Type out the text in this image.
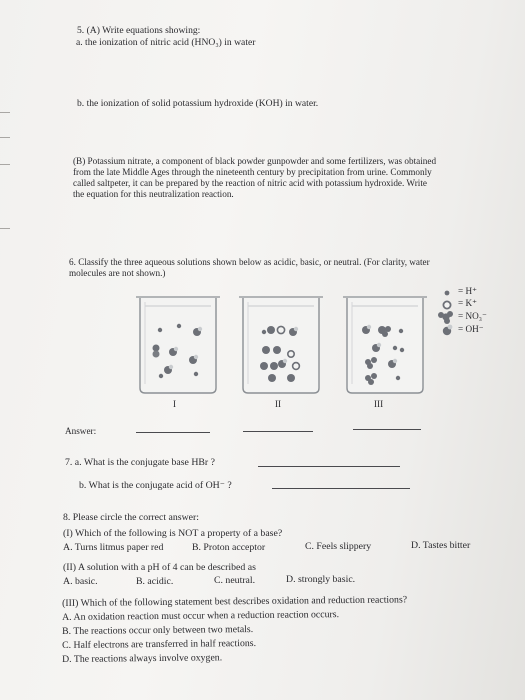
5. (A) Write equations showing:
a. the ionization of nitric acid (HNO₃) in water
b. the ionization of solid potassium hydroxide (KOH) in water.
(B) Potassium nitrate, a component of black powder gunpowder and some fertilizers, was obtained
from the late Middle Ages through the nineteenth century by precipitation from urine. Commonly
called saltpeter, it can be prepared by the reaction of nitric acid with potassium hydroxide. Write
the equation for this neutralization reaction.
6. Classify the three aqueous solutions shown below as acidic, basic, or neutral. (For clarity, water
molecules are not shown.)
I	II	III
= H⁺
= K⁺
= NO₃⁻
= OH⁻
Answer:
7. a. What is the conjugate base HBr ?
b. What is the conjugate acid of OH⁻ ?
8. Please circle the correct answer:
(I) Which of the following is NOT a property of a base?
A. Turns litmus paper red	B. Proton acceptor	C. Feels slippery	D. Tastes bitter
(II) A solution with a pH of 4 can be described as
A. basic.	B. acidic.	C. neutral.	D. strongly basic.
(III) Which of the following statement best describes oxidation and reduction reactions?
A. An oxidation reaction must occur when a reduction reaction occurs.
B. The reactions occur only between two metals.
C. Half electrons are transferred in half reactions.
D. The reactions always involve oxygen.
